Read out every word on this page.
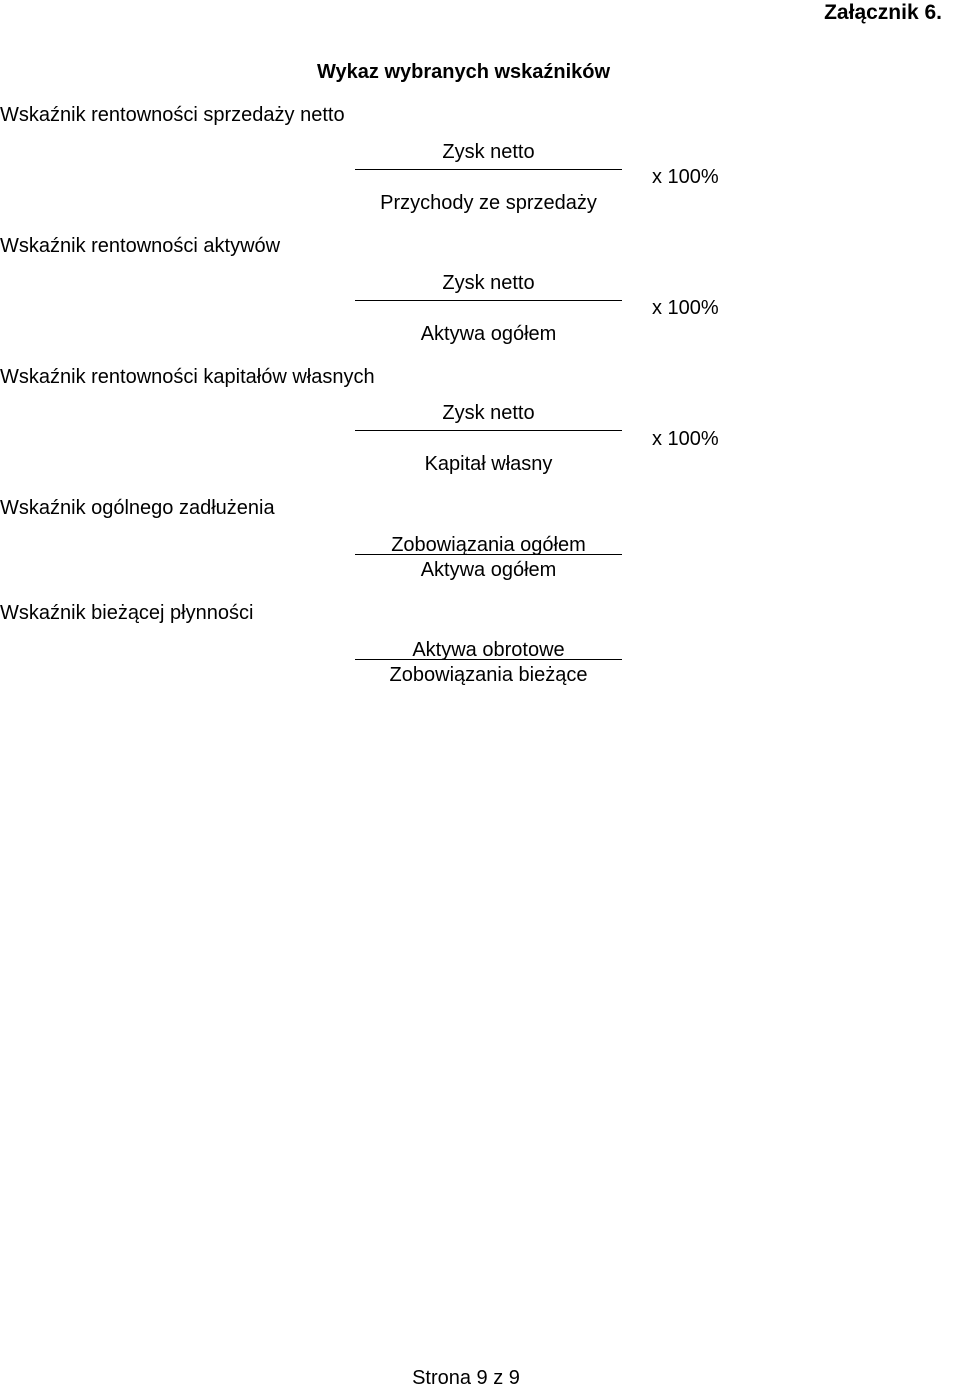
Załącznik 6.
Wykaz wybranych wskaźników
Wskaźnik rentowności sprzedaży netto
Zysk netto
Przychody ze sprzedaży
x 100%
Wskaźnik rentowności aktywów
Zysk netto
Aktywa ogółem
x 100%
Wskaźnik rentowności kapitałów własnych
Zysk netto
Kapitał własny
x 100%
Wskaźnik ogólnego zadłużenia
Zobowiązania ogółem
Aktywa ogółem
Wskaźnik bieżącej płynności
Aktywa obrotowe
Zobowiązania bieżące
Strona 9 z 9
